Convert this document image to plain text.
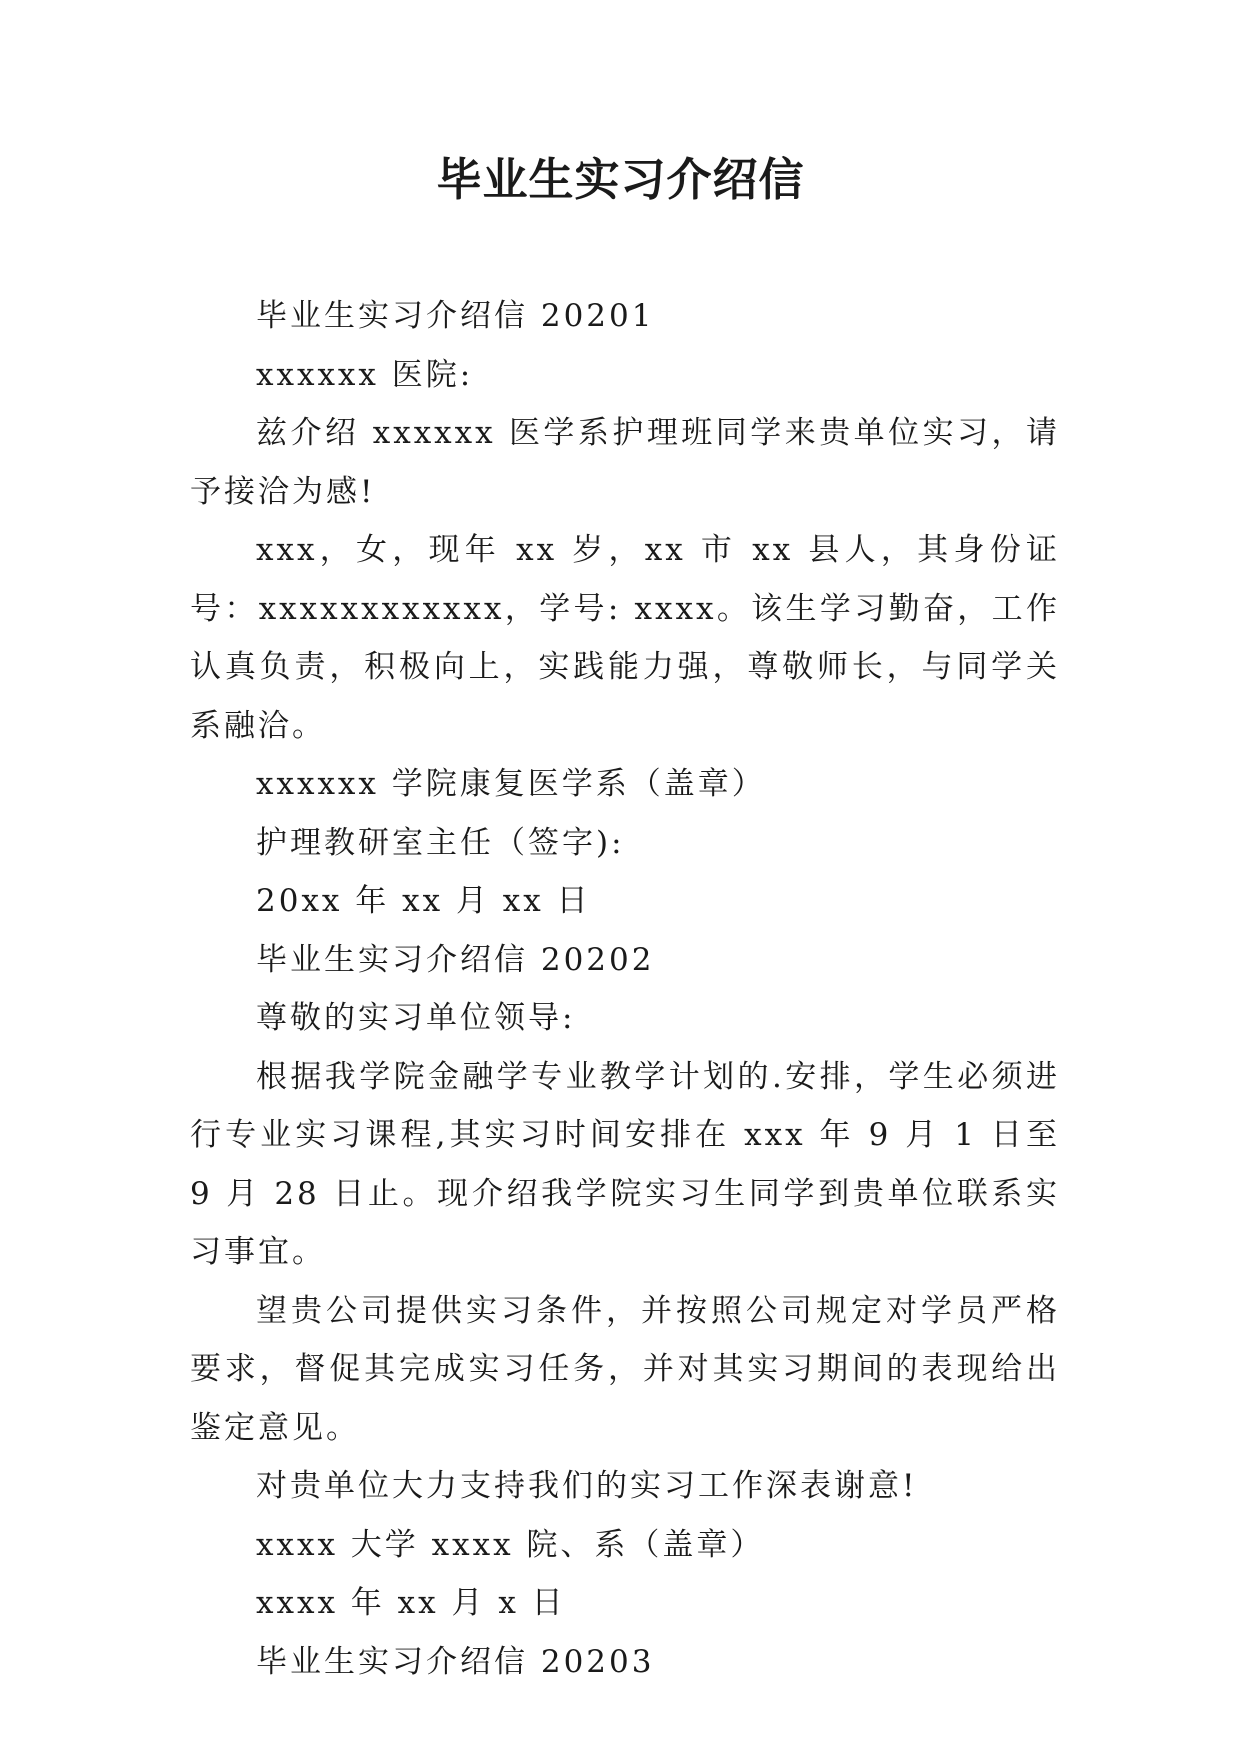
毕业生实习介绍信

毕业生实习介绍信 20201

xxxxxx 医院:

兹介绍 xxxxxx 医学系护理班同学来贵单位实习，请予接洽为感!

xxx，女，现年 xx 岁，xx 市 xx 县人，其身份证号：xxxxxxxxxxxx，学号: xxxx。该生学习勤奋，工作认真负责，积极向上，实践能力强，尊敬师长，与同学关系融洽。

xxxxxx 学院康复医学系（盖章）

护理教研室主任（签字):

20xx 年 xx 月 xx 日

毕业生实习介绍信 20202

尊敬的实习单位领导:

根据我学院金融学专业教学计划的.安排，学生必须进行专业实习课程,其实习时间安排在 xxx 年 9 月 1 日至 9 月 28 日止。现介绍我学院实习生同学到贵单位联系实习事宜。

望贵公司提供实习条件，并按照公司规定对学员严格要求，督促其完成实习任务，并对其实习期间的表现给出鉴定意见。

对贵单位大力支持我们的实习工作深表谢意!

xxxx 大学 xxxx 院、系（盖章）

xxxx 年 xx 月 x 日

毕业生实习介绍信 20203
